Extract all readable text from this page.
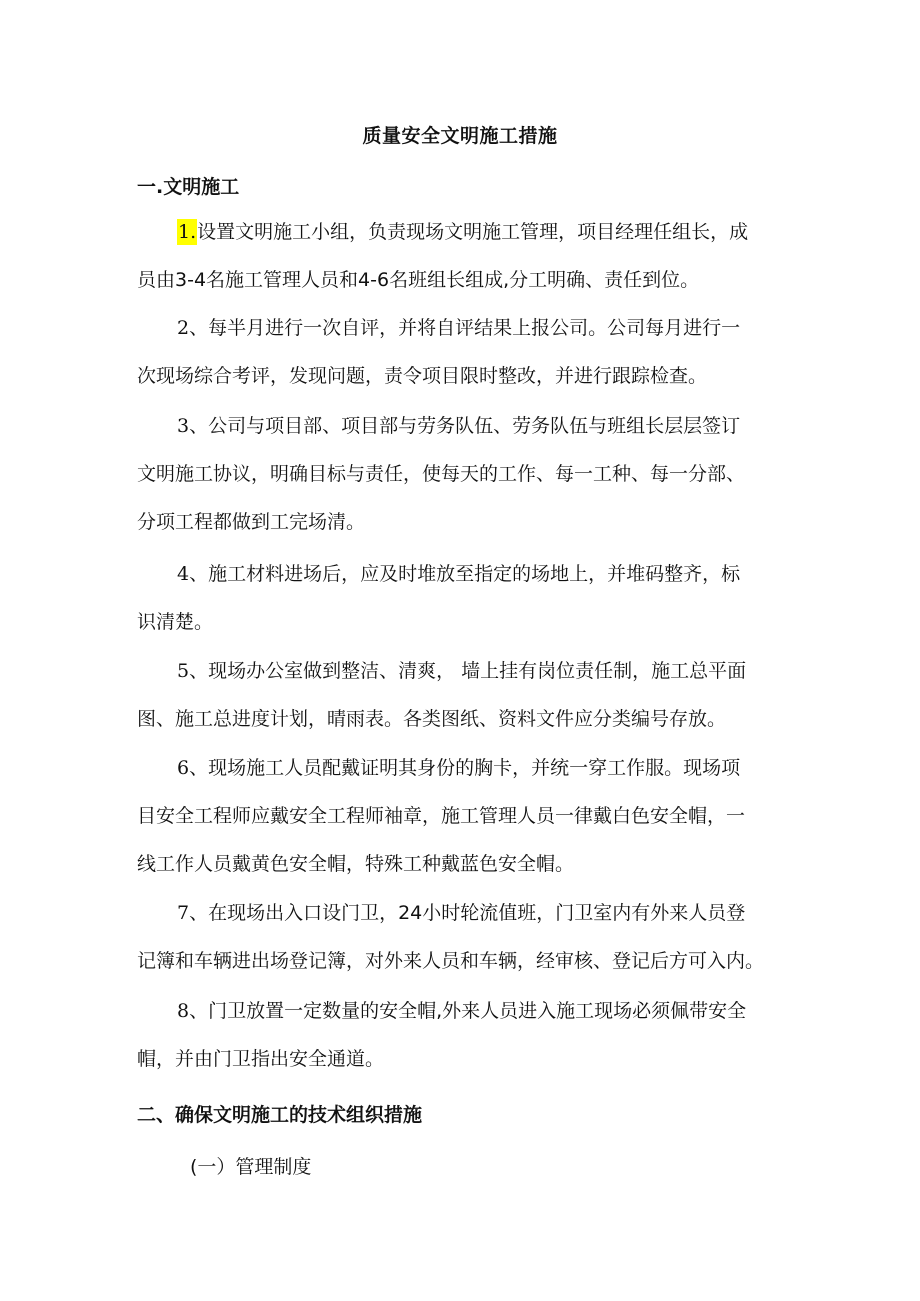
质量安全文明施工措施
一.文明施工
1.设置文明施工小组，负责现场文明施工管理，项目经理任组长，成
员由3-4名施工管理人员和4-6名班组长组成,分工明确、责任到位。
2、每半月进行一次自评，并将自评结果上报公司。公司每月进行一
次现场综合考评，发现问题，责令项目限时整改，并进行跟踪检查。
3、公司与项目部、项目部与劳务队伍、劳务队伍与班组长层层签订
文明施工协议，明确目标与责任，使每天的工作、每一工种、每一分部、
分项工程都做到工完场清。
4、施工材料进场后，应及时堆放至指定的场地上，并堆码整齐，标
识清楚。
5、现场办公室做到整洁、清爽， 墙上挂有岗位责任制，施工总平面
图、施工总进度计划，晴雨表。各类图纸、资料文件应分类编号存放。
6、现场施工人员配戴证明其身份的胸卡，并统一穿工作服。现场项
目安全工程师应戴安全工程师袖章，施工管理人员一律戴白色安全帽，一
线工作人员戴黄色安全帽，特殊工种戴蓝色安全帽。
7、在现场出入口设门卫，24小时轮流值班，门卫室内有外来人员登
记簿和车辆进出场登记簿，对外来人员和车辆，经审核、登记后方可入内。
8、门卫放置一定数量的安全帽,外来人员进入施工现场必须佩带安全
帽，并由门卫指出安全通道。
二、确保文明施工的技术组织措施
(一）管理制度
